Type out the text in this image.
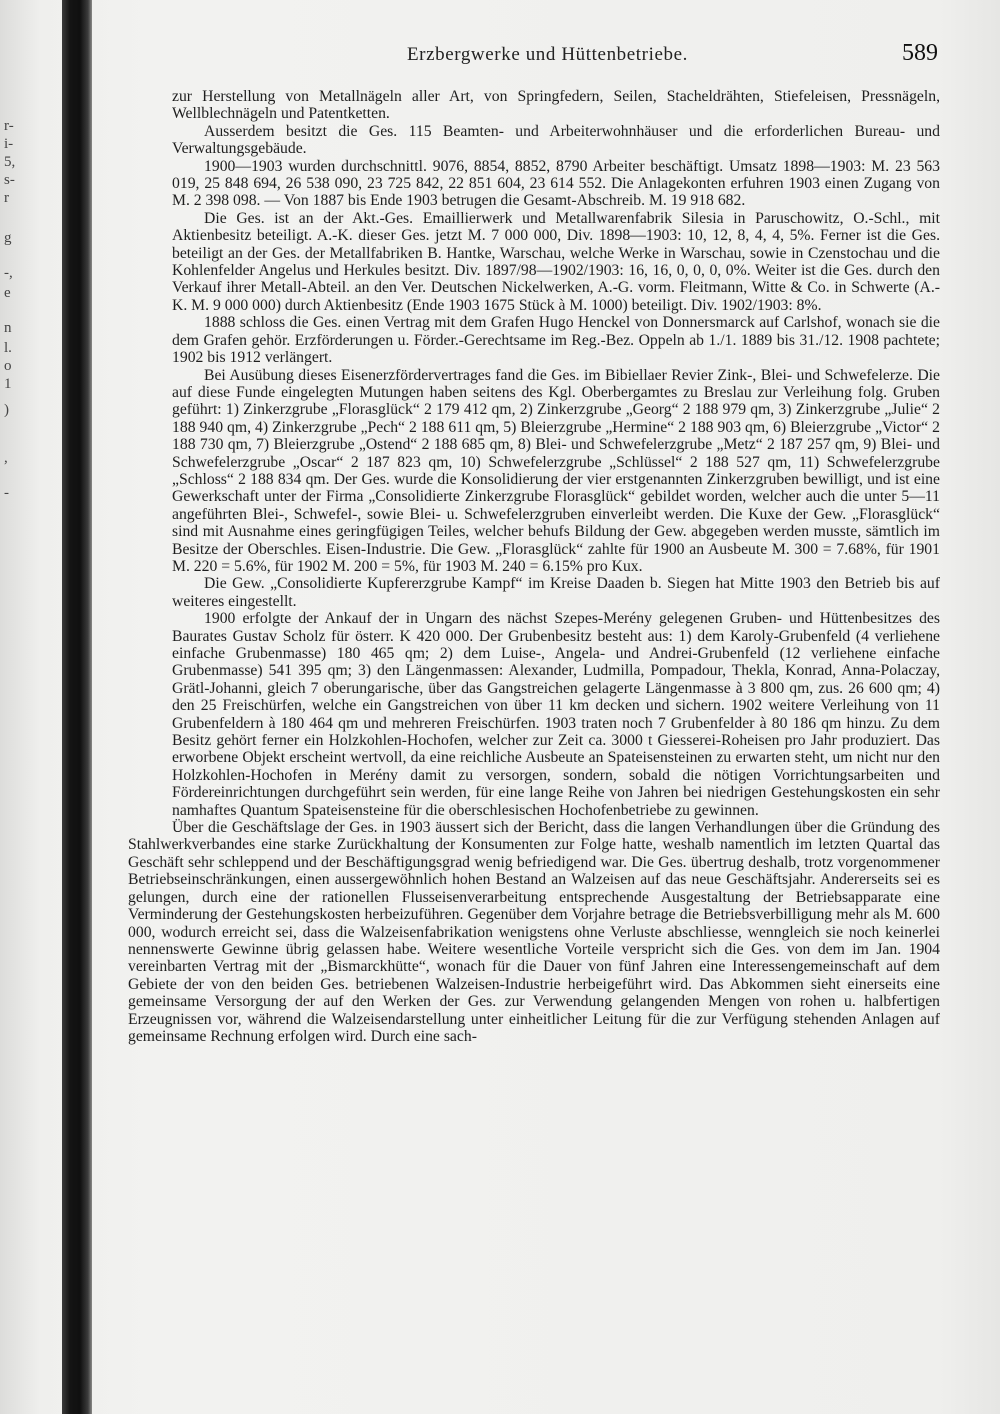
r-
i-
5,
s-
r
g
-,
e
n
l.
o
1
)
,
-
Erzbergwerke und Hüttenbetriebe.	589

zur Herstellung von Metallnägeln aller Art, von Springfedern, Seilen, Stacheldrähten, Stiefeleisen, Pressnägeln, Wellblechnägeln und Patentketten.

Ausserdem besitzt die Ges. 115 Beamten- und Arbeiterwohnhäuser und die erforderlichen Bureau- und Verwaltungsgebäude.

1900—1903 wurden durchschnittl. 9076, 8854, 8852, 8790 Arbeiter beschäftigt. Umsatz 1898—1903: M. 23 563 019, 25 848 694, 26 538 090, 23 725 842, 22 851 604, 23 614 552. Die Anlagekonten erfuhren 1903 einen Zugang von M. 2 398 098. — Von 1887 bis Ende 1903 betrugen die Gesamt-Abschreib. M. 19 918 682.

Die Ges. ist an der Akt.-Ges. Emaillierwerk und Metallwarenfabrik Silesia in Paruschowitz, O.-Schl., mit Aktienbesitz beteiligt. A.-K. dieser Ges. jetzt M. 7 000 000, Div. 1898—1903: 10, 12, 8, 4, 4, 5%. Ferner ist die Ges. beteiligt an der Ges. der Metallfabriken B. Hantke, Warschau, welche Werke in Warschau, sowie in Czenstochau und die Kohlenfelder Angelus und Herkules besitzt. Div. 1897/98—1902/1903: 16, 16, 0, 0, 0, 0%. Weiter ist die Ges. durch den Verkauf ihrer Metall-Abteil. an den Ver. Deutschen Nickelwerken, A.-G. vorm. Fleitmann, Witte & Co. in Schwerte (A.-K. M. 9 000 000) durch Aktienbesitz (Ende 1903 1675 Stück à M. 1000) beteiligt. Div. 1902/1903: 8%.

1888 schloss die Ges. einen Vertrag mit dem Grafen Hugo Henckel von Donnersmarck auf Carlshof, wonach sie die dem Grafen gehör. Erzförderungen u. Förder.-Gerechtsame im Reg.-Bez. Oppeln ab 1./1. 1889 bis 31./12. 1908 pachtete; 1902 bis 1912 verlängert.

Bei Ausübung dieses Eisenerzfördervertrages fand die Ges. im Bibiellaer Revier Zink-, Blei- und Schwefelerze. Die auf diese Funde eingelegten Mutungen haben seitens des Kgl. Oberbergamtes zu Breslau zur Verleihung folg. Gruben geführt: 1) Zinkerzgrube „Florasglück“ 2 179 412 qm, 2) Zinkerzgrube „Georg“ 2 188 979 qm, 3) Zinkerzgrube „Julie“ 2 188 940 qm, 4) Zinkerzgrube „Pech“ 2 188 611 qm, 5) Bleierzgrube „Hermine“ 2 188 903 qm, 6) Bleierzgrube „Victor“ 2 188 730 qm, 7) Bleierzgrube „Ostend“ 2 188 685 qm, 8) Blei- und Schwefelerzgrube „Metz“ 2 187 257 qm, 9) Blei- und Schwefelerzgrube „Oscar“ 2 187 823 qm, 10) Schwefelerzgrube „Schlüssel“ 2 188 527 qm, 11) Schwefelerzgrube „Schloss“ 2 188 834 qm. Der Ges. wurde die Konsolidierung der vier erstgenannten Zinkerzgruben bewilligt, und ist eine Gewerkschaft unter der Firma „Consolidierte Zinkerzgrube Florasglück“ gebildet worden, welcher auch die unter 5—11 angeführten Blei-, Schwefel-, sowie Blei- u. Schwefelerzgruben einverleibt werden. Die Kuxe der Gew. „Florasglück“ sind mit Ausnahme eines geringfügigen Teiles, welcher behufs Bildung der Gew. abgegeben werden musste, sämtlich im Besitze der Oberschles. Eisen-Industrie. Die Gew. „Florasglück“ zahlte für 1900 an Ausbeute M. 300 = 7.68%, für 1901 M. 220 = 5.6%, für 1902 M. 200 = 5%, für 1903 M. 240 = 6.15% pro Kux.

Die Gew. „Consolidierte Kupfererzgrube Kampf“ im Kreise Daaden b. Siegen hat Mitte 1903 den Betrieb bis auf weiteres eingestellt.

1900 erfolgte der Ankauf der in Ungarn des nächst Szepes-Merény gelegenen Gruben- und Hüttenbesitzes des Baurates Gustav Scholz für österr. K 420 000. Der Grubenbesitz besteht aus: 1) dem Karoly-Grubenfeld (4 verliehene einfache Grubenmasse) 180 465 qm; 2) dem Luise-, Angela- und Andrei-Grubenfeld (12 verliehene einfache Grubenmasse) 541 395 qm; 3) den Längenmassen: Alexander, Ludmilla, Pompadour, Thekla, Konrad, Anna-Polaczay, Grätl-Johanni, gleich 7 oberungarische, über das Gangstreichen gelagerte Längenmasse à 3 800 qm, zus. 26 600 qm; 4) den 25 Freischürfen, welche ein Gangstreichen von über 11 km decken und sichern. 1902 weitere Verleihung von 11 Grubenfeldern à 180 464 qm und mehreren Freischürfen. 1903 traten noch 7 Grubenfelder à 80 186 qm hinzu. Zu dem Besitz gehört ferner ein Holzkohlen-Hochofen, welcher zur Zeit ca. 3000 t Giesserei-Roheisen pro Jahr produziert. Das erworbene Objekt erscheint wertvoll, da eine reichliche Ausbeute an Spateisensteinen zu erwarten steht, um nicht nur den Holzkohlen-Hochofen in Merény damit zu versorgen, sondern, sobald die nötigen Vorrichtungsarbeiten und Fördereinrichtungen durchgeführt sein werden, für eine lange Reihe von Jahren bei niedrigen Gestehungskosten ein sehr namhaftes Quantum Spateisensteine für die oberschlesischen Hochofenbetriebe zu gewinnen.

Über die Geschäftslage der Ges. in 1903 äussert sich der Bericht, dass die langen Verhandlungen über die Gründung des Stahlwerkverbandes eine starke Zurückhaltung der Konsumenten zur Folge hatte, weshalb namentlich im letzten Quartal das Geschäft sehr schleppend und der Beschäftigungsgrad wenig befriedigend war. Die Ges. übertrug deshalb, trotz vorgenommener Betriebseinschränkungen, einen aussergewöhnlich hohen Bestand an Walzeisen auf das neue Geschäftsjahr. Andererseits sei es gelungen, durch eine der rationellen Flusseisenverarbeitung entsprechende Ausgestaltung der Betriebsapparate eine Verminderung der Gestehungskosten herbeizuführen. Gegenüber dem Vorjahre betrage die Betriebsverbilligung mehr als M. 600 000, wodurch erreicht sei, dass die Walzeisenfabrikation wenigstens ohne Verluste abschliesse, wenngleich sie noch keinerlei nennenswerte Gewinne übrig gelassen habe. Weitere wesentliche Vorteile verspricht sich die Ges. von dem im Jan. 1904 vereinbarten Vertrag mit der „Bismarckhütte“, wonach für die Dauer von fünf Jahren eine Interessengemeinschaft auf dem Gebiete der von den beiden Ges. betriebenen Walzeisen-Industrie herbeigeführt wird. Das Abkommen sieht einerseits eine gemeinsame Versorgung der auf den Werken der Ges. zur Verwendung gelangenden Mengen von rohen u. halbfertigen Erzeugnissen vor, während die Walzeisendarstellung unter einheitlicher Leitung für die zur Verfügung stehenden Anlagen auf gemeinsame Rechnung erfolgen wird. Durch eine sach-
